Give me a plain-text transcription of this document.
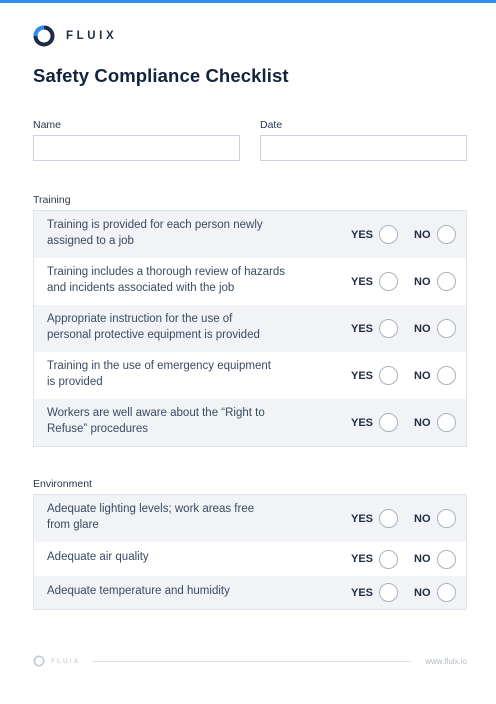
FLUIX
Safety Compliance Checklist
Name	Date
Training
Training is provided for each person newly
assigned to a job	YES	NO
Training includes a thorough review of hazards
and incidents associated with the job	YES	NO
Appropriate instruction for the use of
personal protective equipment is provided	YES	NO
Training in the use of emergency equipment
is provided	YES	NO
Workers are well aware about the “Right to
Refuse” procedures	YES	NO
Environment
Adequate lighting levels; work areas free
from glare	YES	NO
Adequate air quality	YES	NO
Adequate temperature and humidity	YES	NO
FLUIX	www.fluix.io
